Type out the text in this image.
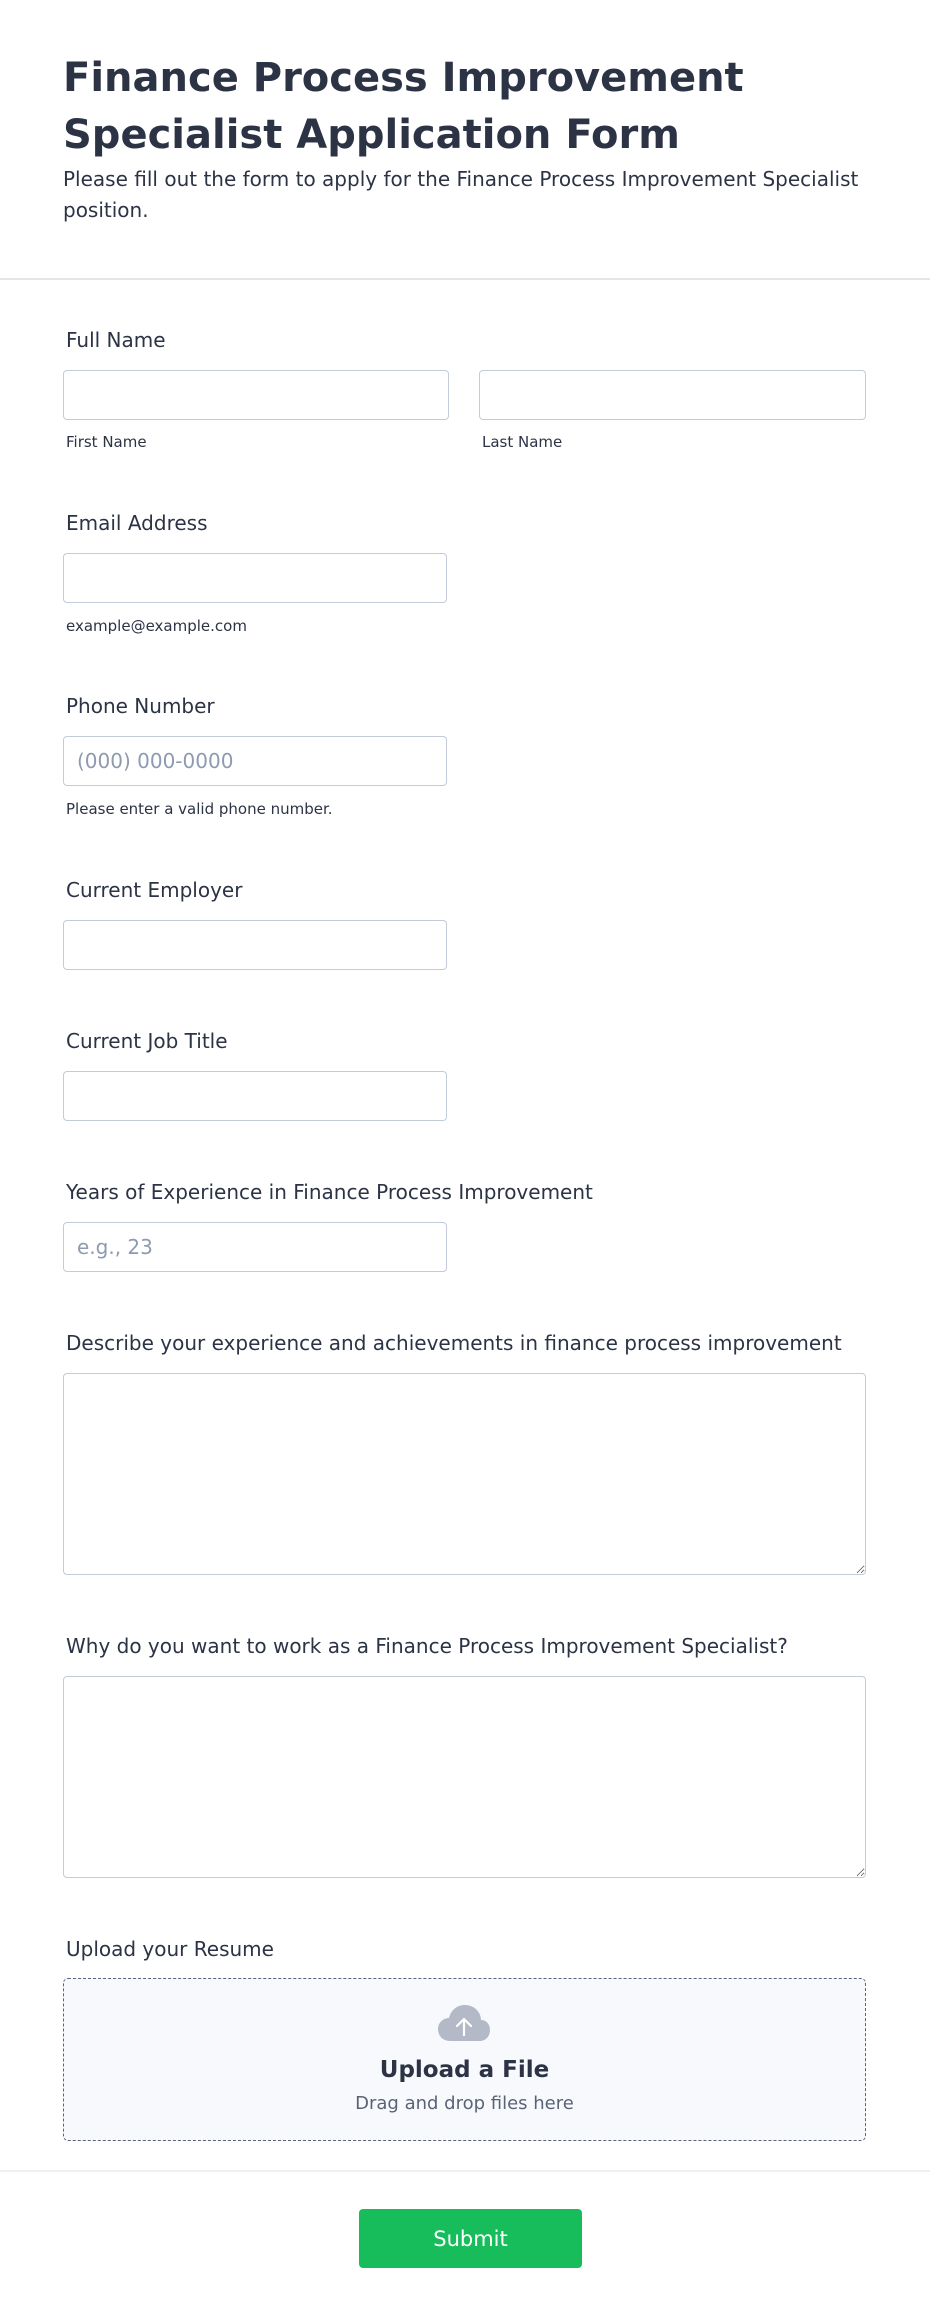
Finance Process Improvement Specialist Application Form

Please fill out the form to apply for the Finance Process Improvement Specialist position.

Full Name
First Name	Last Name
Email Address
example@example.com
Phone Number
(000) 000-0000
Please enter a valid phone number.
Current Employer
Current Job Title
Years of Experience in Finance Process Improvement
e.g., 23
Describe your experience and achievements in finance process improvement
Why do you want to work as a Finance Process Improvement Specialist?
Upload your Resume
Upload a File
Drag and drop files here
Submit
